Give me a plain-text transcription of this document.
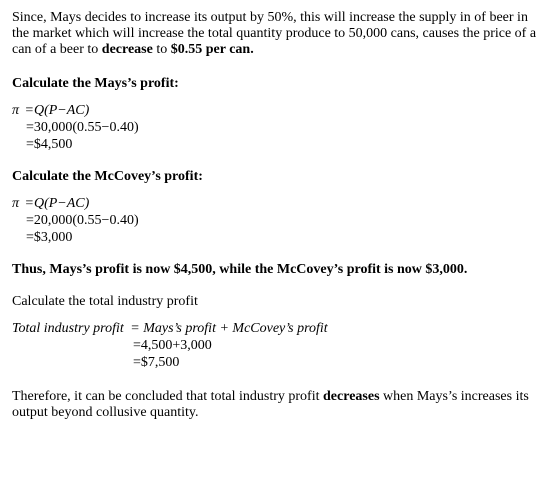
Since, Mays decides to increase its output by 50%, this will increase the supply in of beer in the market which will increase the total quantity produce to 50,000 cans, causes the price of a can of a beer to decrease to $0.55 per can.

Calculate the Mays’s profit:

π =Q(P−AC)
=30,000(0.55−0.40)
=$4,500

Calculate the McCovey’s profit:

π =Q(P−AC)
=20,000(0.55−0.40)
=$3,000

Thus, Mays’s profit is now $4,500, while the McCovey’s profit is now $3,000.

Calculate the total industry profit

Total industry profit = Mays’s profit + McCovey’s profit
=4,500+3,000
=$7,500

Therefore, it can be concluded that total industry profit decreases when Mays’s increases its output beyond collusive quantity.
